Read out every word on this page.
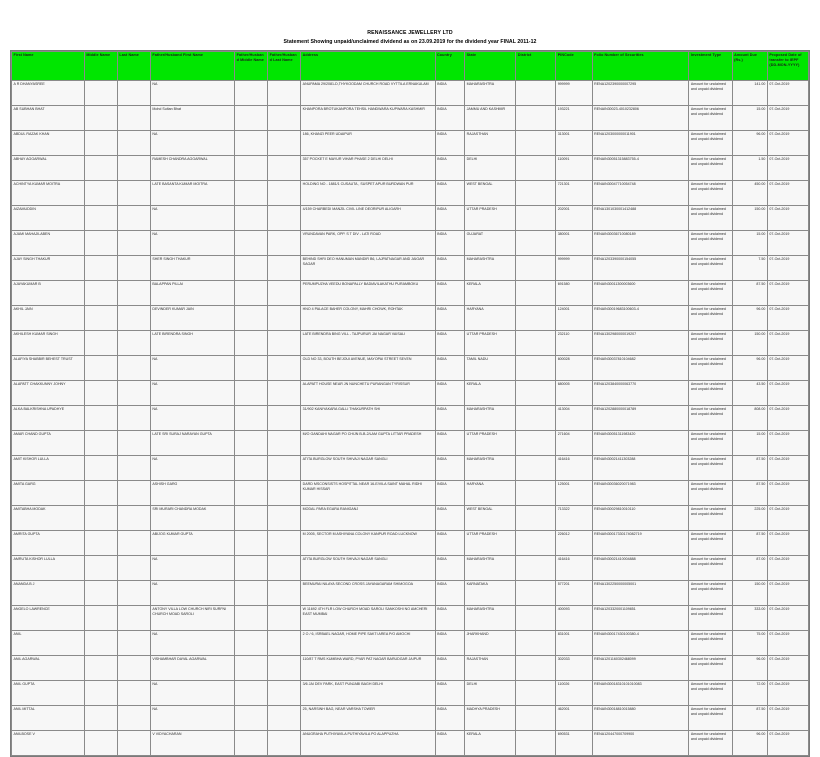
RENAISSANCE JEWELLERY LTD
Statement Showing unpaid/unclaimed dividend as on 23.09.2019 for the dividend year FINAL 2011-12
First Name	Middle Name	Last Name	Father/Husband First Name	Father/Husband Middle Name	Father/Husband Last Name	Address	Country	State	District	PINCode	Folio Number of Securities	Investment Type	Amount Due (Rs.)	Proposed Date of transfer to IEPF (DD-MON-YYYY)
A R DHANYASREE			NA			ANUPAMA 29/2081-D,THYKOODAM CHURCH ROAD VYTTILA ERNAKULAM	INDIA	MAHARASHTRA		999999	RENA1202390000007295	Amount for unclaimed and unpaid dividend	141.00	07-Oct-2019
AB SUBHAN BHAT			Mohd Sultan Bhat			KHANPORA BROTUKANPORA TEHSIL HANDWARA KUPWARA KASHMIR	INDIA	JAMMU AND KASHMIR		193221	RENAIN30023-4010232806	Amount for unclaimed and unpaid dividend	15.00	07-Oct-2019
ABDUL RAZAK KHAN			NA			186, KHANZI PEER UDAIPUR	INDIA	RAJASTHAN		313001	RENA1203000000011901	Amount for unclaimed and unpaid dividend	96.00	07-Oct-2019
ABHAY AGGARWAL			RAMESH CHANDRA AGGARWAL			357 POCKET E MAYUR VIHAR PHASE 2 DELHI DELHI	INDIA	DELHI		110091	RENAIN30051315883755-4	Amount for unclaimed and unpaid dividend	1.50	07-Oct-2019
ACHINTYA KUMAR MOITRA			LATE BASANTA KUMAR MOITRA			HOLDING NO - 1881/1 CUSAUTA , SUSPET APUR BURDWAN PUR	INDIA	WEST BENGAL		721301	RENAIN30047710054748	Amount for unclaimed and unpaid dividend	450.00	07-Oct-2019
AIZAMUDDIN			NA			4/159 CHARBEDI MANZIL CIVIL LINE DEORIPUR ALIGARH	INDIA	UTTAR PRADESH		202001	RENA1301030001412488	Amount for unclaimed and unpaid dividend	150.00	07-Oct-2019
AJAMI MAHAJILABEN			NA			VRUNDAVAN PARK, OPP. S T DIV - LATI ROAD	INDIA	GUJARAT		380001	RENAIN30036710080189	Amount for unclaimed and unpaid dividend	15.00	07-Oct-2019
AJAY SINGH THAKUR			SHER SINGH THAKUR			BEHIND SHRI DEO HANUMAN MANDIR B6, LAJPATNAGAR AND JAIGAR SAGAR	INDIA	MAHARASHTRA		999999	RENA1203390000154055	Amount for unclaimed and unpaid dividend	7.50	07-Oct-2019
AJAYAKUMAR B			BALAPPAN PILLAI			PERUMPUZHA VEEDU BONAPALLY BADIAVILAKATHU PURAMBOKU	INDIA	KERALA		691580	RENAIN30011300003600	Amount for unclaimed and unpaid dividend	87.50	07-Oct-2019
AKHIL JAIN			DEVINDER KUMAR JAIN			HNO 4 PALACE BAHER COLONY, MAHRI CHOWK, ROHTAK	INDIA	HARYANA		124001	RENAIN30019683100603-4	Amount for unclaimed and unpaid dividend	96.00	07-Oct-2019
AKHILESH KUMAR SINGH			LATE BIRENDRA SINGH			LATE BIRENDRA BING VILL - TAJPURUR JAI NAGAR VAISALI	INDIA	UTTAR PRADESH		232110	RENA1302980000019207	Amount for unclaimed and unpaid dividend	150.00	07-Oct-2019
ALAFIYA SHABBIR BEHEST TRUST			NA			OLD NO 33, BOUTH BEJOUI AVENUE, MAYOPAI STREET SEVEN	INDIA	TAMIL NADU		600028	RENAIN30037810104682	Amount for unclaimed and unpaid dividend	96.00	07-Oct-2019
ALAPATT CHAKKUNNY JOHNY			NA			ALAPATT HOUSE NEAR JN NUNCHETU PURANGAN TYRISSUR	INDIA	KERALA		680005	RENA1203840000063770	Amount for unclaimed and unpaid dividend	43.50	07-Oct-2019
ALKA BALKRISHNA UPADHYE			NA			31/902 KANIYAKARA GALLI THAKURPATH SHI	INDIA	MAHARASHTRA		413004	RENA1202880000018789	Amount for unclaimed and unpaid dividend	808.00	07-Oct-2019
AMAR CHAND GUPTA			LATE SRI SURAJ NARAYAN GUPTA			M/O GANDAHI NAGAR PO CHIJN B-B-2/LAM GUPTA LITTAR PRADESH	INDIA	UTTAR PRADESH		271604	RENAIN30051311983420	Amount for unclaimed and unpaid dividend	15.00	07-Oct-2019
AMIT KISHOR LULLA			NA			ATITA BURGLOW SOUTH SHIVAJI NAGAR SANGLI	INDIA	MAHARASHTRA		416416	RENAIN30021411303288	Amount for unclaimed and unpaid dividend	87.50	07-Oct-2019
AMITA GARG			ASHISH GARG			DARD MSCONSISTS HOSPITTAL NEAR 16-E/VILA SAINT MAHAL RIDHI KUMAR HISSAR	INDIA	HARYANA		125001	RENAIN30036020071983	Amount for unclaimed and unpaid dividend	87.50	07-Oct-2019
AMITABHA MODAK			SRI MURARI CHANDRA MODAK			MODAL PARA EGARA RANIGANJ	INDIA	WEST BENGAL		713322	RENAIN30029810010110	Amount for unclaimed and unpaid dividend	225.00	07-Oct-2019
AMRITA GUPTA			ABIJOG KUMAR GUPTA			M 2005, SECTOR M ASHIYANA COLONY KANPUR ROAD LUCKNOW	INDIA	UTTAR PRADESH		226012	RENAIN30017330174082719	Amount for unclaimed and unpaid dividend	87.50	07-Oct-2019
AMRUTA KISHOR LULLA			NA			ATITA BURGLOW SOUTH SHIVAJI NAGAR SANGLI	INDIA	MAHARASHTRA		416416	RENAIN30021410004888	Amount for unclaimed and unpaid dividend	87.00	07-Oct-2019
ANANDA B J			NA			BEEMURAI NILAYA SECOND CROSS JAYANAGARAM SHIMOGOA	INDIA	KARNATAKA		577201	RENA1302250000005001	Amount for unclaimed and unpaid dividend	150.00	07-Oct-2019
ANGELO LAWRENCE			ANTONY VILLA LOW CHURCH NIRI SURFNI CHURCH MOAD SAROLI			W 11692 4TH FLR LOW CHURCH MOAD SAROLI SANKOSHI NO AMCHERI EAST MUMBAI	INDIA	MAHARASHTRA		400093	RENA1203320001109851	Amount for unclaimed and unpaid dividend	333.00	07-Oct-2019
ANIL			NA			2 O / 6, ISRBAEL NAGAR, HOME PIPE SAKTI AREA P/O AMOCHI	INDIA	JHARKHAND		831001	RENAIN30017430100380-4	Amount for unclaimed and unpaid dividend	75.00	07-Oct-2019
ANIL AGARWAL			VISHAMBHAR DAYAL AGARWAL			110/87 T RMS KUMBHA WARD, PYAR PAT NAGAR BARUDGAR JAIPUR	INDIA	RAJASTHAN		302033	RENA1201160302468099	Amount for unclaimed and unpaid dividend	96.00	07-Oct-2019
ANIL GUPTA			NA			3/6 JAI DEV PARK, EAST PUNJABI BAGH DELHI	INDIA	DELHI		110026	RENAIN30018310101010083	Amount for unclaimed and unpaid dividend	72.00	07-Oct-2019
ANIL MITTAL			NA			25, NARSINH BAG, NEAR VARSHA TOWER	INDIA	MADHYA PRADESH		462001	RENAIN30018810015880	Amount for unclaimed and unpaid dividend	87.50	07-Oct-2019
ANILBOSE V			V VIDYACHARAN			ANUGRAHA PUTHIYAVILA PUTHIYAVILA PO ALAPPUZHA	INDIA	KERALA		690531	RENA120447000709900	Amount for unclaimed and unpaid dividend	96.00	07-Oct-2019
